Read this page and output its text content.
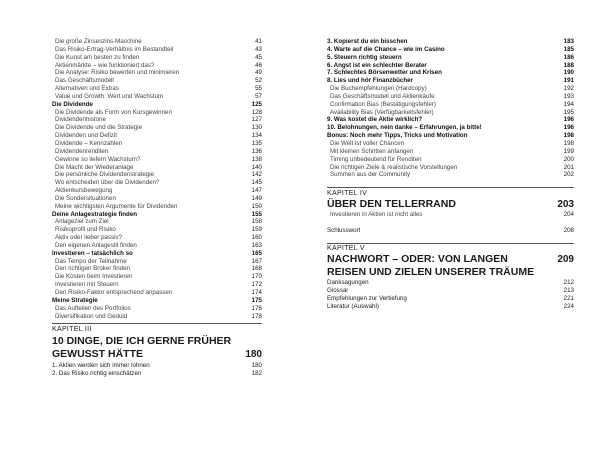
Die große Zinseszins-Maschine	41
Das Risiko-Ertrag-Verhältnis im Bestandteil	43
Die Kunst am besten zu finden	45
Aktienmärkte – wie funktioniert das?	46
Die Analyse: Risiko bewerten und minimieren	49
Das Geschäftsmodell	52
Alternativen und Extras	55
Value und Growth: Wert und Wachstum	57
Die Dividende	125
Die Dividende als Form von Kursgewinnen	128
Dividendenhistorie	127
Die Dividende und die Strategie	130
Dividenden und Defizit	134
Dividende – Kennzahlen	135
Dividendenrenditen	136
Gewinne so liefern Wachstum?	138
Die Macht der Wiederanlage	140
Die persönliche Dividendenstrategie	142
Wo entscheiden über die Dividenden?	145
Aktienkursbewegung	147
Die Sondersituationen	149
Meine wichtigsten Argumente für Dividenden	150
Deine Anlagestrategie finden	155
Anlageziel zum Ziel	158
Risikoprofil und Risiko	159
Aktiv oder lieber passiv?	160
Den eigenen Anlagestil finden	163
Investieren – tatsächlich so	165
Das Tempo der Teilnahme	167
Den richtigen Broker finden	168
Die Kosten beim Investieren	170
Investieren mit Steuern	172
Den Risiko-Faktor entsprechend anpassen	174
Meine Strategie	175
Das Aufteilen des Portfolios	176
Diversifikation und Geduld	178
KAPITEL III
10 DINGE, DIE ICH GERNE FRÜHER
GEWUSST HÄTTE	180
1. Aktien werden sich immer lohnen	180
2. Das Risiko richtig einschätzen	182
3. Kopierst du ein bisschen	183
4. Warte auf die Chance – wie im Casino	185
5. Steuern richtig steuern	186
6. Angst ist ein schlechter Berater	188
7. Schlechtes Börsenwetter und Krisen	190
8. Lies und hör Finanzbücher	191
Die Buchempfehlungen (Hardcopy)	192
Das Geschäftsmodell und Aktienkäufe	193
Confirmation Bias (Bestätigungsfehler)	194
Availability Bias (Verfügbarkeitsfehler)	195
9. Was kostet die Aktie wirklich?	196
10. Belohnungen, nein danke – Erfahrungen, ja bitte!	196
Bonus: Noch mehr Tipps, Tricks und Motivation	198
Die Welt ist voller Chancen	198
Mit kleinen Schritten anfangen	199
Timing unbedeutend für Renditen	200
Die richtigen Ziele & realistische Vorstellungen	201
Summen aus der Community	202
KAPITEL IV
ÜBER DEN TELLERRAND	203
Investieren in Aktien ist nicht alles	204
Schlusswort	208
KAPITEL V
NACHWORT – ODER: VON LANGEN	209
REISEN UND ZIELEN UNSERER TRÄUME
Danksagungen	212
Glossar	213
Empfehlungen zur Vertiefung	221
Literatur (Auswahl)	224
